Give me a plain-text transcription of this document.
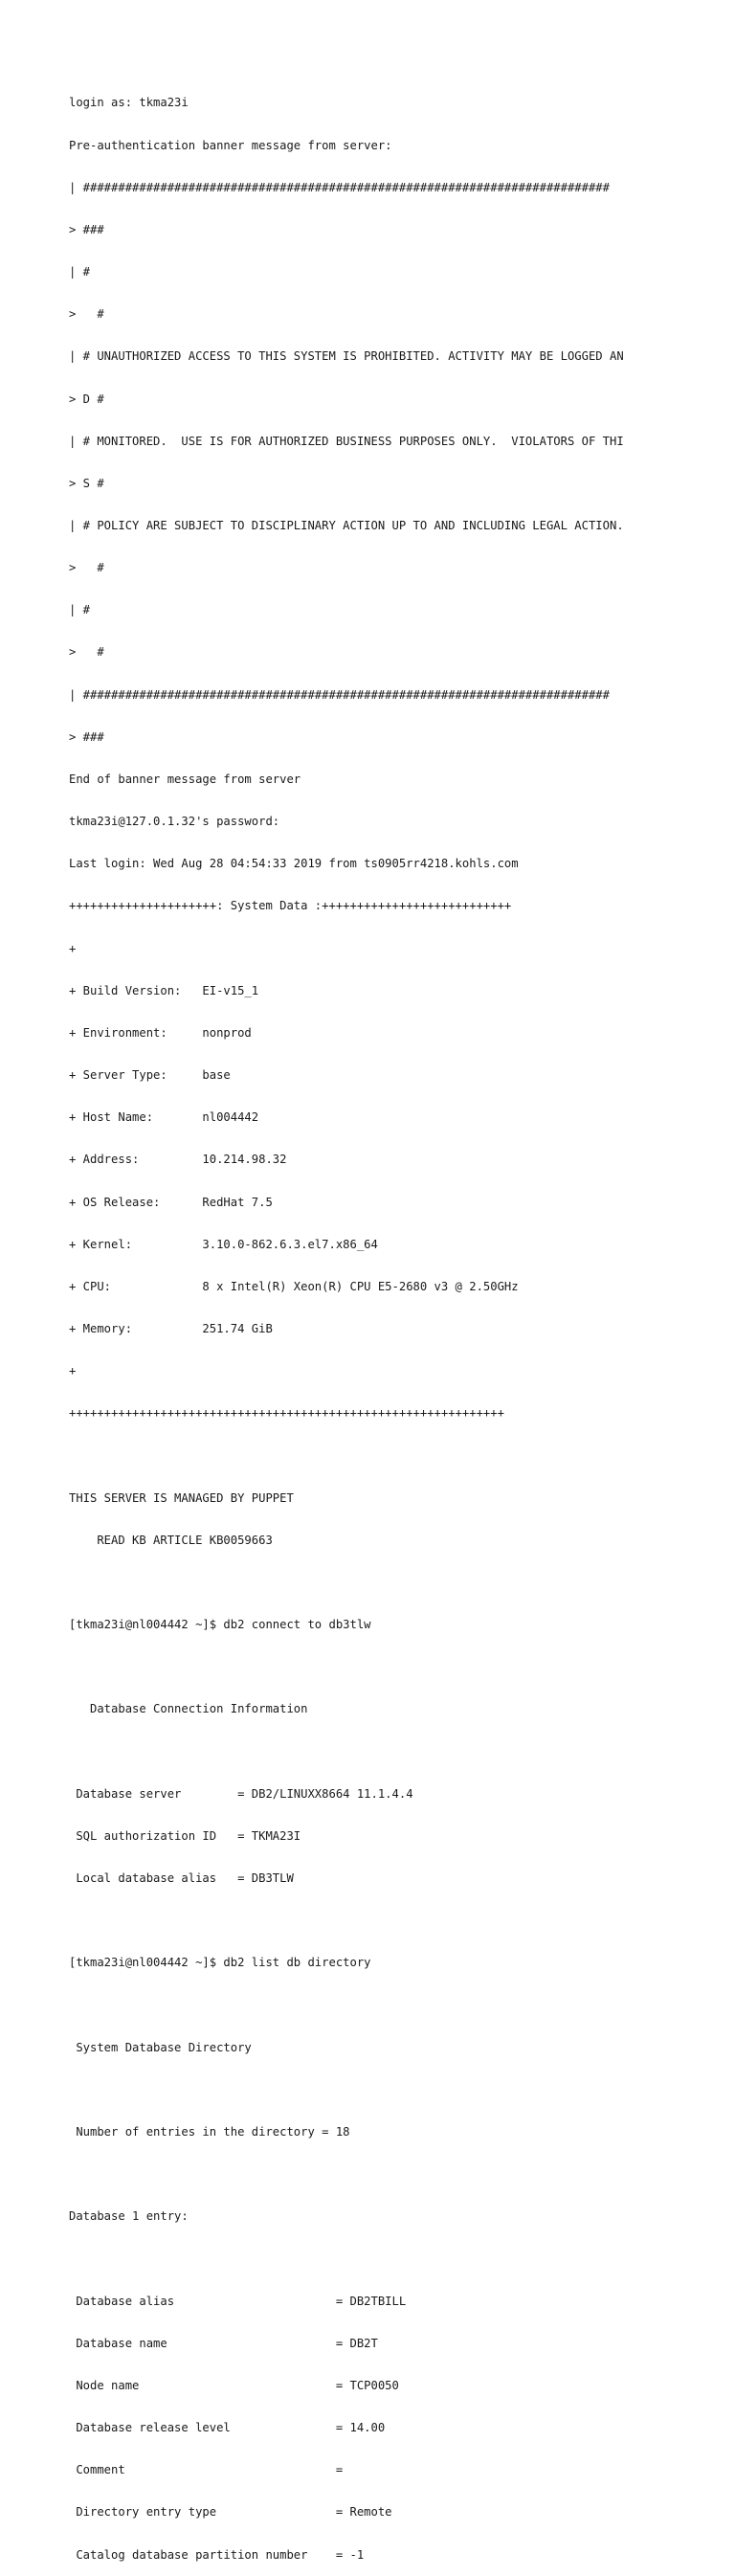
login as: tkma23i

Pre-authentication banner message from server:

| ###########################################################################

> ###

| #

>   #

| # UNAUTHORIZED ACCESS TO THIS SYSTEM IS PROHIBITED. ACTIVITY MAY BE LOGGED AN

> D #

| # MONITORED.  USE IS FOR AUTHORIZED BUSINESS PURPOSES ONLY.  VIOLATORS OF THI

> S #

| # POLICY ARE SUBJECT TO DISCIPLINARY ACTION UP TO AND INCLUDING LEGAL ACTION.

>   #

| #

>   #

| ###########################################################################

> ###

End of banner message from server

tkma23i@127.0.1.32's password:

Last login: Wed Aug 28 04:54:33 2019 from ts0905rr4218.kohls.com

+++++++++++++++++++++: System Data :+++++++++++++++++++++++++++

+

+ Build Version:   EI-v15_1

+ Environment:     nonprod

+ Server Type:     base

+ Host Name:       nl004442

+ Address:         10.214.98.32

+ OS Release:      RedHat 7.5

+ Kernel:          3.10.0-862.6.3.el7.x86_64

+ CPU:             8 x Intel(R) Xeon(R) CPU E5-2680 v3 @ 2.50GHz

+ Memory:          251.74 GiB

+

++++++++++++++++++++++++++++++++++++++++++++++++++++++++++++++

THIS SERVER IS MANAGED BY PUPPET

READ KB ARTICLE KB0059663

[tkma23i@nl004442 ~]$ db2 connect to db3tlw

Database Connection Information

Database server        = DB2/LINUXX8664 11.1.4.4

SQL authorization ID   = TKMA23I

Local database alias   = DB3TLW

[tkma23i@nl004442 ~]$ db2 list db directory

System Database Directory

Number of entries in the directory = 18

Database 1 entry:

Database alias                       = DB2TBILL

Database name                        = DB2T

Node name                            = TCP0050

Database release level               = 14.00

Comment                              =

Directory entry type                 = Remote

Catalog database partition number    = -1
